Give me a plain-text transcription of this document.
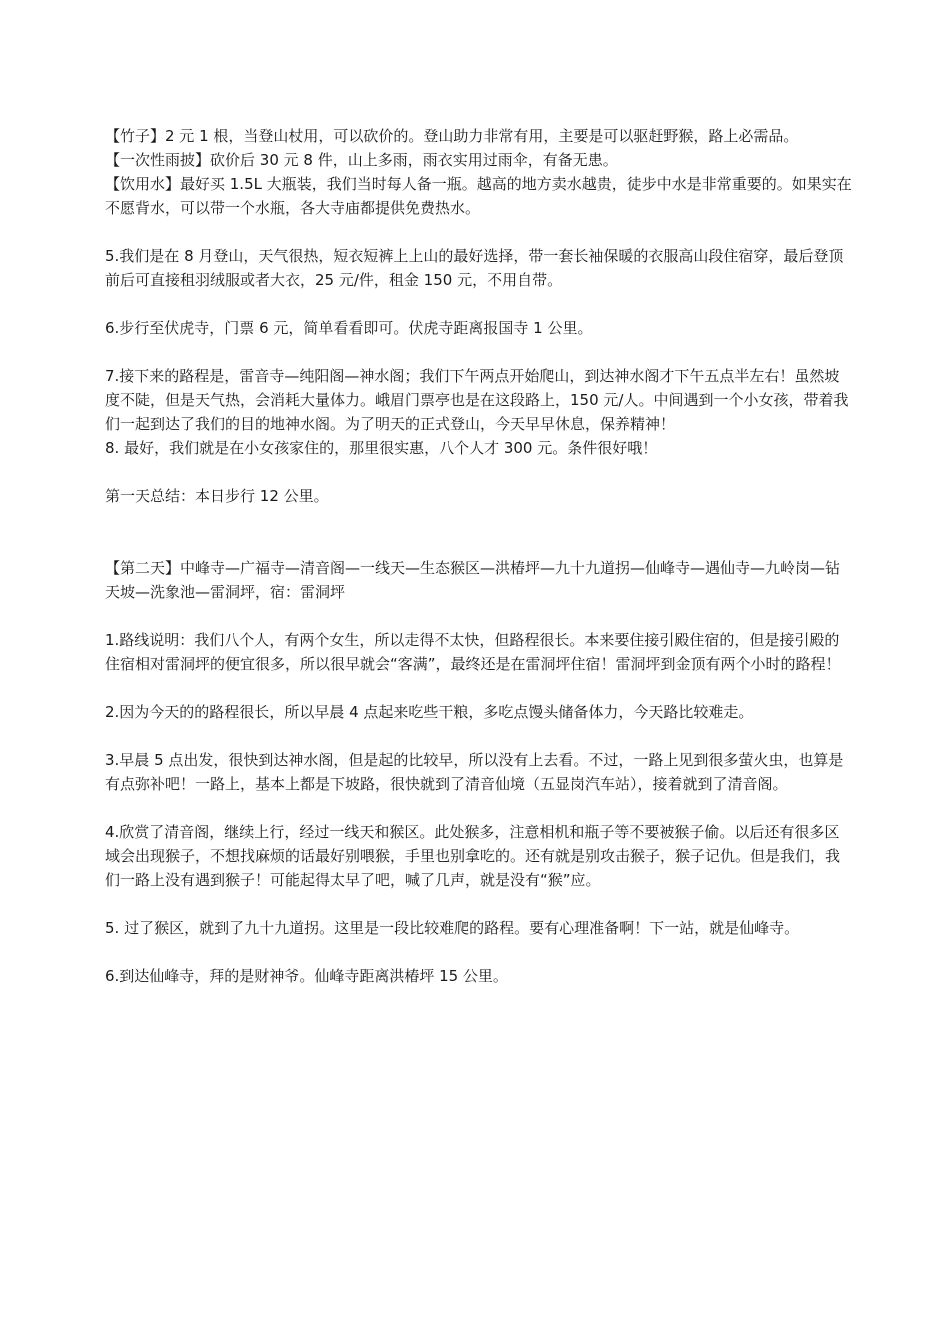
【竹子】2 元 1 根，当登山杖用，可以砍价的。登山助力非常有用，主要是可以驱赶野猴，路上必需品。

【一次性雨披】砍价后 30 元 8 件，山上多雨，雨衣实用过雨伞，有备无患。

【饮用水】最好买 1.5L 大瓶装，我们当时每人备一瓶。越高的地方卖水越贵，徒步中水是非常重要的。如果实在不愿背水，可以带一个水瓶，各大寺庙都提供免费热水。

5.我们是在 8 月登山，天气很热，短衣短裤上上山的最好选择，带一套长袖保暖的衣服高山段住宿穿，最后登顶前后可直接租羽绒服或者大衣，25 元/件，租金 150 元，不用自带。

6.步行至伏虎寺，门票 6 元，简单看看即可。伏虎寺距离报国寺 1 公里。

7.接下来的路程是，雷音寺—纯阳阁—神水阁；我们下午两点开始爬山，到达神水阁才下午五点半左右！虽然坡度不陡，但是天气热，会消耗大量体力。峨眉门票亭也是在这段路上，150 元/人。中间遇到一个小女孩，带着我们一起到达了我们的目的地神水阁。为了明天的正式登山，今天早早休息，保养精神！

8. 最好，我们就是在小女孩家住的，那里很实惠，八个人才 300 元。条件很好哦！

第一天总结：本日步行 12 公里。

【第二天】中峰寺—广福寺—清音阁—一线天—生态猴区—洪椿坪—九十九道拐—仙峰寺—遇仙寺—九岭岗—钻天坡—洗象池—雷洞坪，宿：雷洞坪

1.路线说明：我们八个人，有两个女生，所以走得不太快，但路程很长。本来要住接引殿住宿的，但是接引殿的住宿相对雷洞坪的便宜很多，所以很早就会“客满”，最终还是在雷洞坪住宿！雷洞坪到金顶有两个小时的路程！

2.因为今天的的路程很长，所以早晨 4 点起来吃些干粮，多吃点馒头储备体力，今天路比较难走。

3.早晨 5 点出发，很快到达神水阁，但是起的比较早，所以没有上去看。不过，一路上见到很多萤火虫，也算是有点弥补吧！一路上，基本上都是下坡路，很快就到了清音仙境（五显岗汽车站），接着就到了清音阁。

4.欣赏了清音阁，继续上行，经过一线天和猴区。此处猴多，注意相机和瓶子等不要被猴子偷。以后还有很多区域会出现猴子，不想找麻烦的话最好别喂猴，手里也别拿吃的。还有就是别攻击猴子，猴子记仇。但是我们，我们一路上没有遇到猴子！可能起得太早了吧，喊了几声，就是没有“猴”应。

5. 过了猴区，就到了九十九道拐。这里是一段比较难爬的路程。要有心理准备啊！下一站，就是仙峰寺。

6.到达仙峰寺，拜的是财神爷。仙峰寺距离洪椿坪 15 公里。
